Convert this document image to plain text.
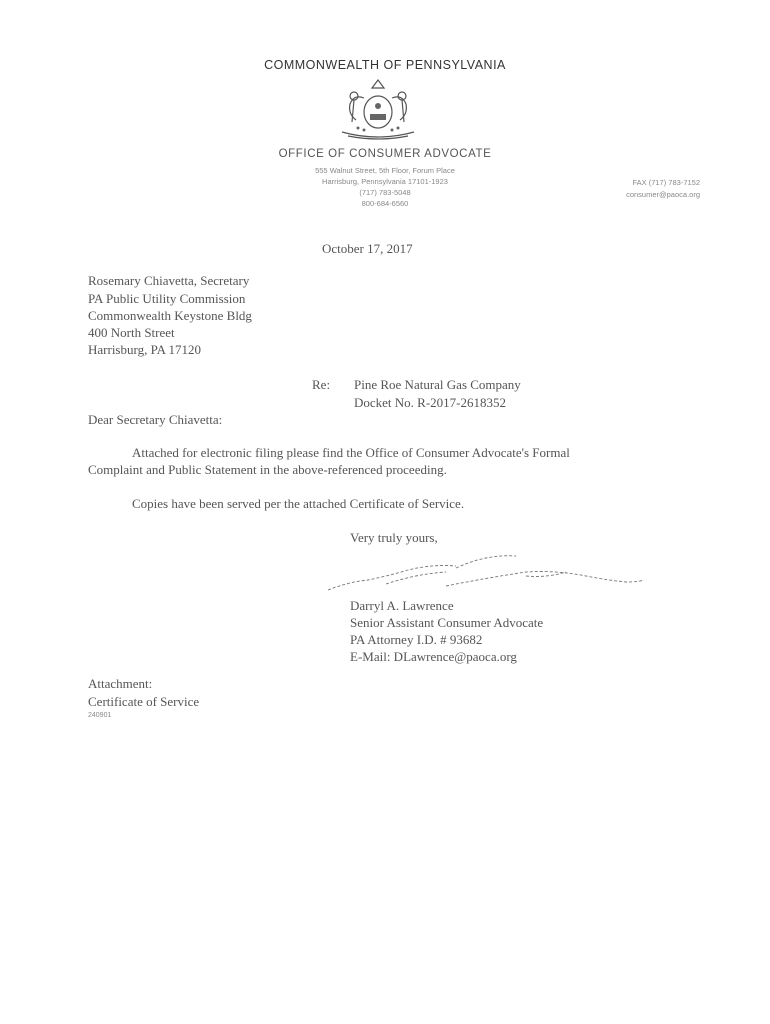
COMMONWEALTH OF PENNSYLVANIA
OFFICE OF CONSUMER ADVOCATE
555 Walnut Street, 5th Floor, Forum Place
Harrisburg, Pennsylvania 17101-1923
(717) 783-5048
800-684-6560
FAX (717) 783-7152
consumer@paoca.org
October 17, 2017
Rosemary Chiavetta, Secretary
PA Public Utility Commission
Commonwealth Keystone Bldg
400 North Street
Harrisburg, PA 17120
Re: Pine Roe Natural Gas Company
Docket No. R-2017-2618352
Dear Secretary Chiavetta:
Attached for electronic filing please find the Office of Consumer Advocate's Formal
Complaint and Public Statement in the above-referenced proceeding.
Copies have been served per the attached Certificate of Service.
Very truly yours,
Darryl A. Lawrence
Senior Assistant Consumer Advocate
PA Attorney I.D. # 93682
E-Mail: DLawrence@paoca.org
Attachment:
Certificate of Service
240901
